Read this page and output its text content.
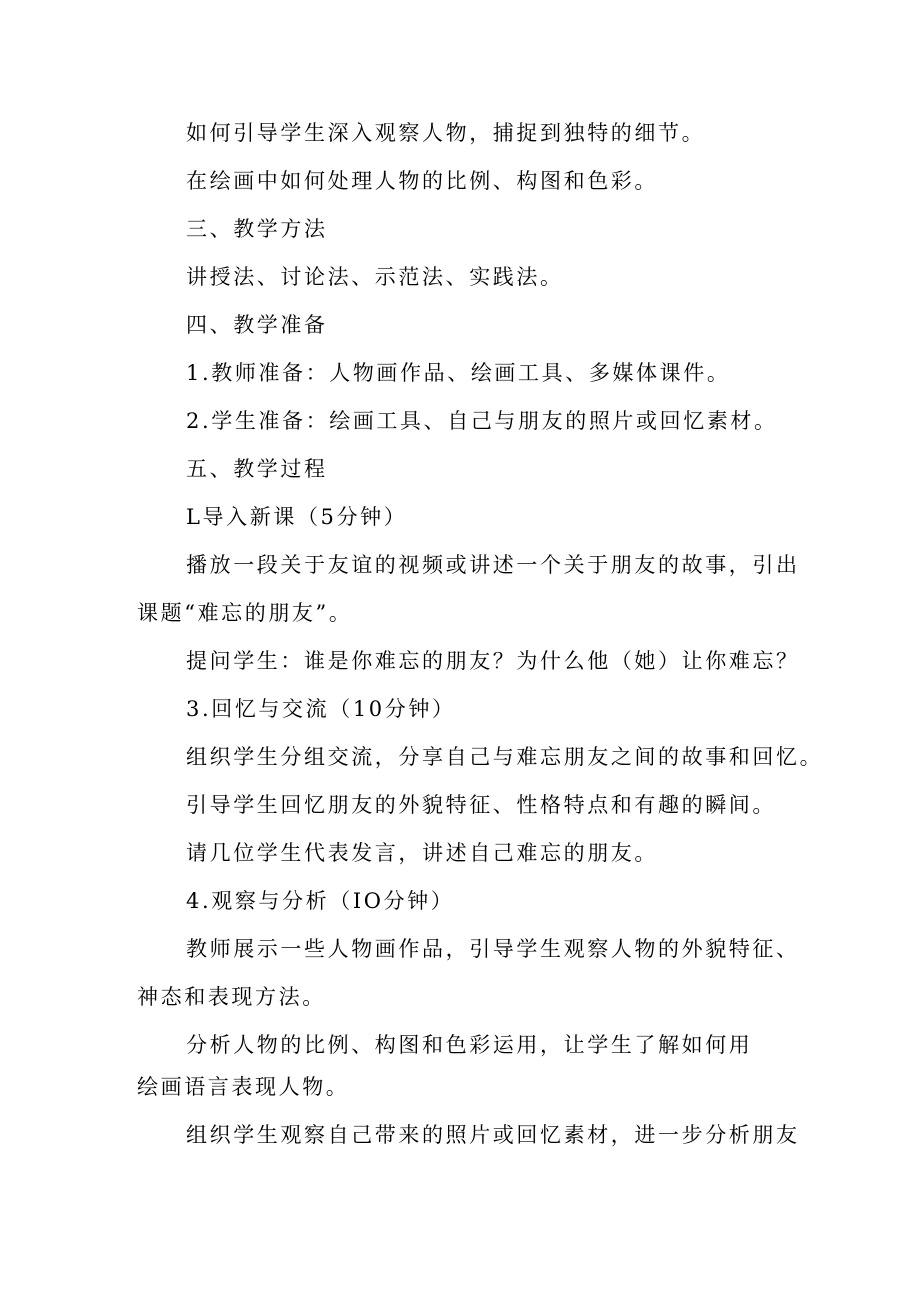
如何引导学生深入观察人物，捕捉到独特的细节。
在绘画中如何处理人物的比例、构图和色彩。
三、教学方法
讲授法、讨论法、示范法、实践法。
四、教学准备
1.教师准备：人物画作品、绘画工具、多媒体课件。
2.学生准备：绘画工具、自己与朋友的照片或回忆素材。
五、教学过程
L导入新课（5分钟）
播放一段关于友谊的视频或讲述一个关于朋友的故事，引出
课题“难忘的朋友”。
提问学生：谁是你难忘的朋友？为什么他（她）让你难忘？
3.回忆与交流（10分钟）
组织学生分组交流，分享自己与难忘朋友之间的故事和回忆。
引导学生回忆朋友的外貌特征、性格特点和有趣的瞬间。
请几位学生代表发言，讲述自己难忘的朋友。
4.观察与分析（IO分钟）
教师展示一些人物画作品，引导学生观察人物的外貌特征、
神态和表现方法。
分析人物的比例、构图和色彩运用，让学生了解如何用
绘画语言表现人物。
组织学生观察自己带来的照片或回忆素材，进一步分析朋友
